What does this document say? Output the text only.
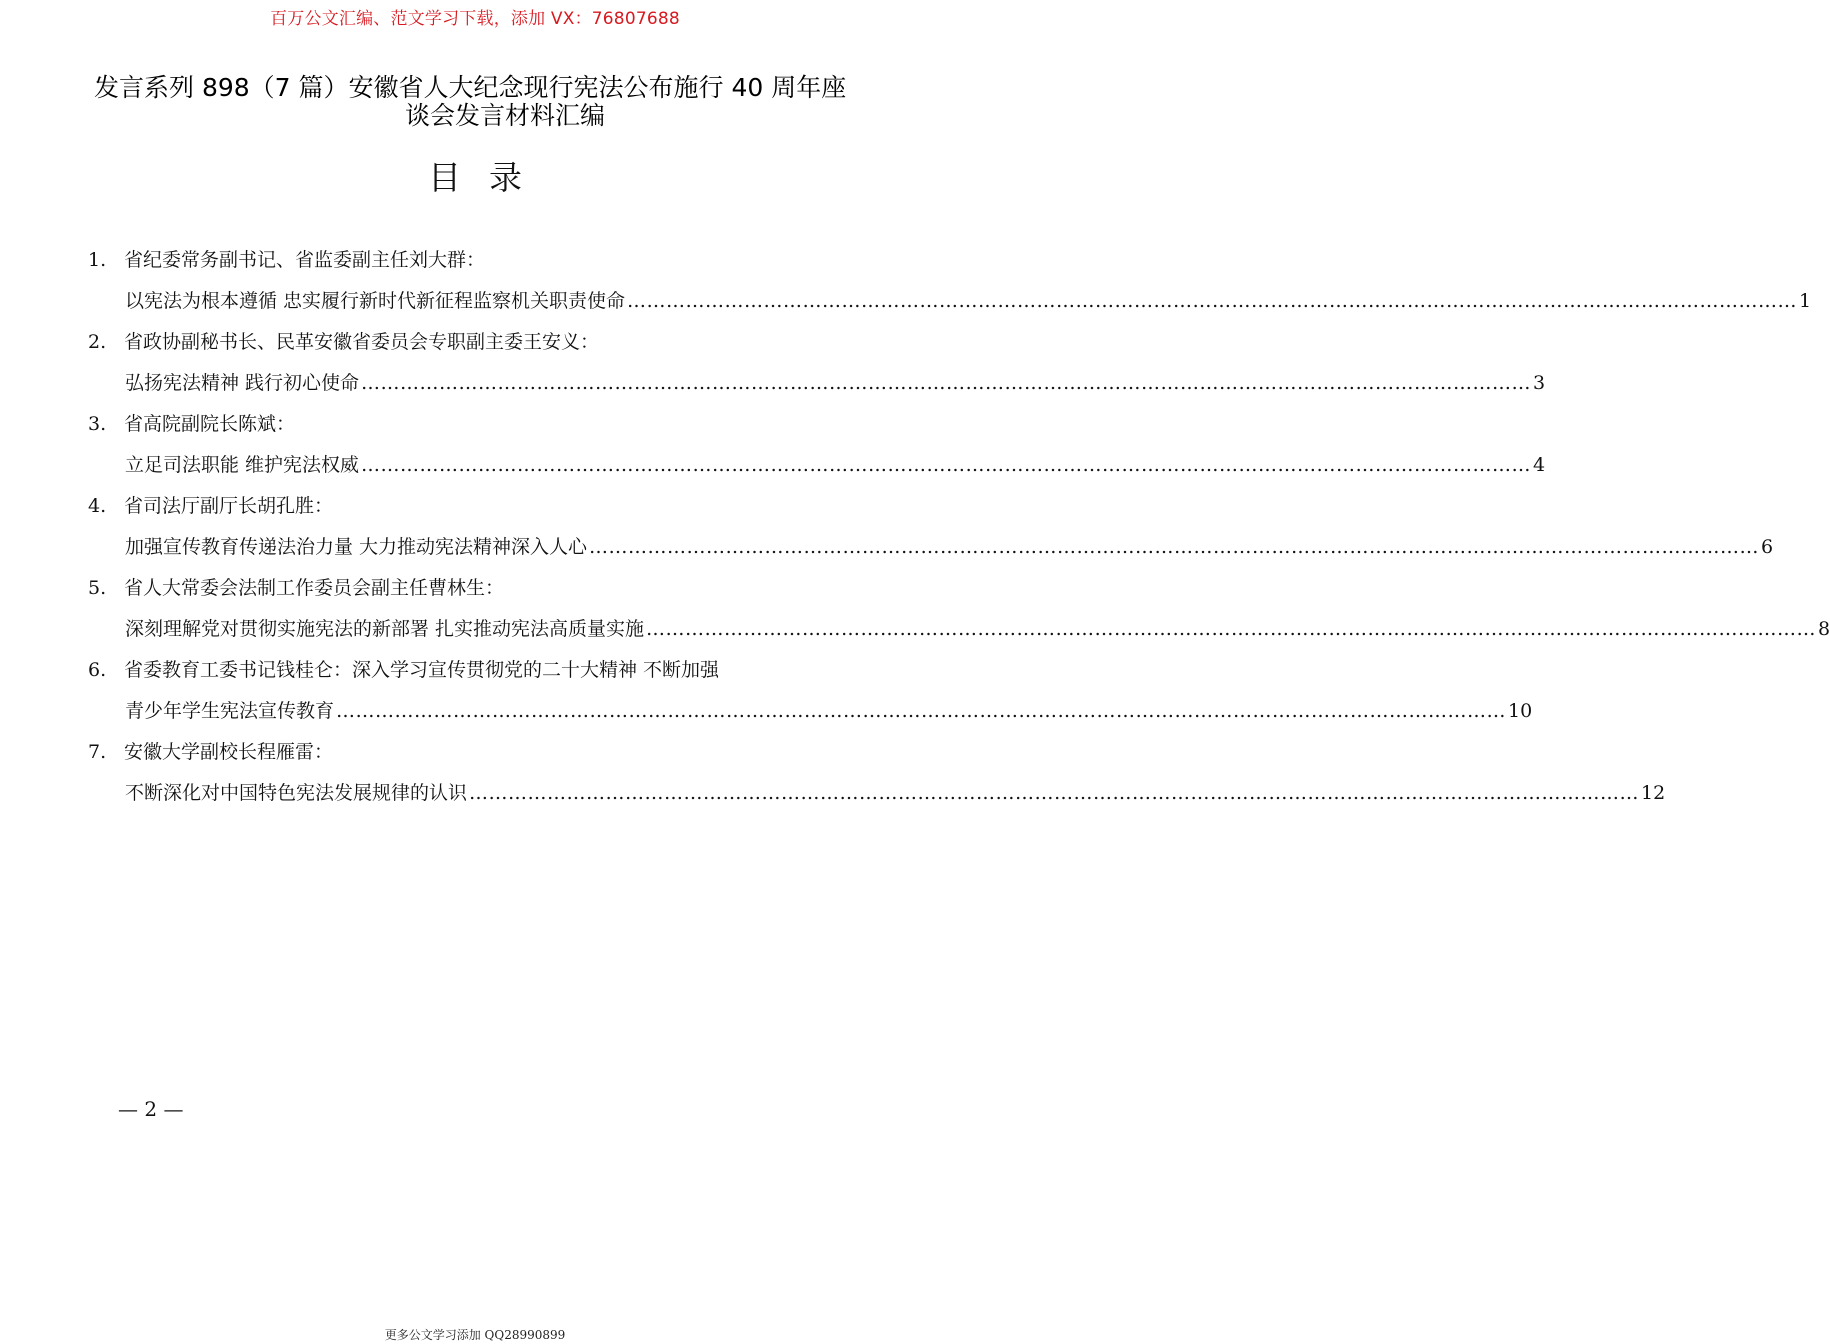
百万公文汇编、范文学习下载，添加 VX：76807688
发言系列 898（7 篇）安徽省人大纪念现行宪法公布施行 40 周年座
谈会发言材料汇编
目录
1. 省纪委常务副书记、省监委副主任刘大群：
以宪法为根本遵循 忠实履行新时代新征程监察机关职责使命 ……………………………………………………………………………………………………………………………………………………………… 1
2. 省政协副秘书长、民革安徽省委员会专职副主委王安义：
弘扬宪法精神 践行初心使命 ……………………………………………………………………………………………………………………………………………………………… 3
3. 省高院副院长陈斌：
立足司法职能 维护宪法权威 ……………………………………………………………………………………………………………………………………………………………… 4
4. 省司法厅副厅长胡孔胜：
加强宣传教育传递法治力量 大力推动宪法精神深入人心 ……………………………………………………………………………………………………………………………………………………………… 6
5. 省人大常委会法制工作委员会副主任曹林生：
深刻理解党对贯彻实施宪法的新部署 扎实推动宪法高质量实施 ……………………………………………………………………………………………………………………………………………………………… 8
6. 省委教育工委书记钱桂仑：深入学习宣传贯彻党的二十大精神 不断加强
青少年学生宪法宣传教育 ……………………………………………………………………………………………………………………………………………………………… 10
7. 安徽大学副校长程雁雷：
不断深化对中国特色宪法发展规律的认识 ……………………………………………………………………………………………………………………………………………………………… 12
— 2 —
更多公文学习添加 QQ28990899
